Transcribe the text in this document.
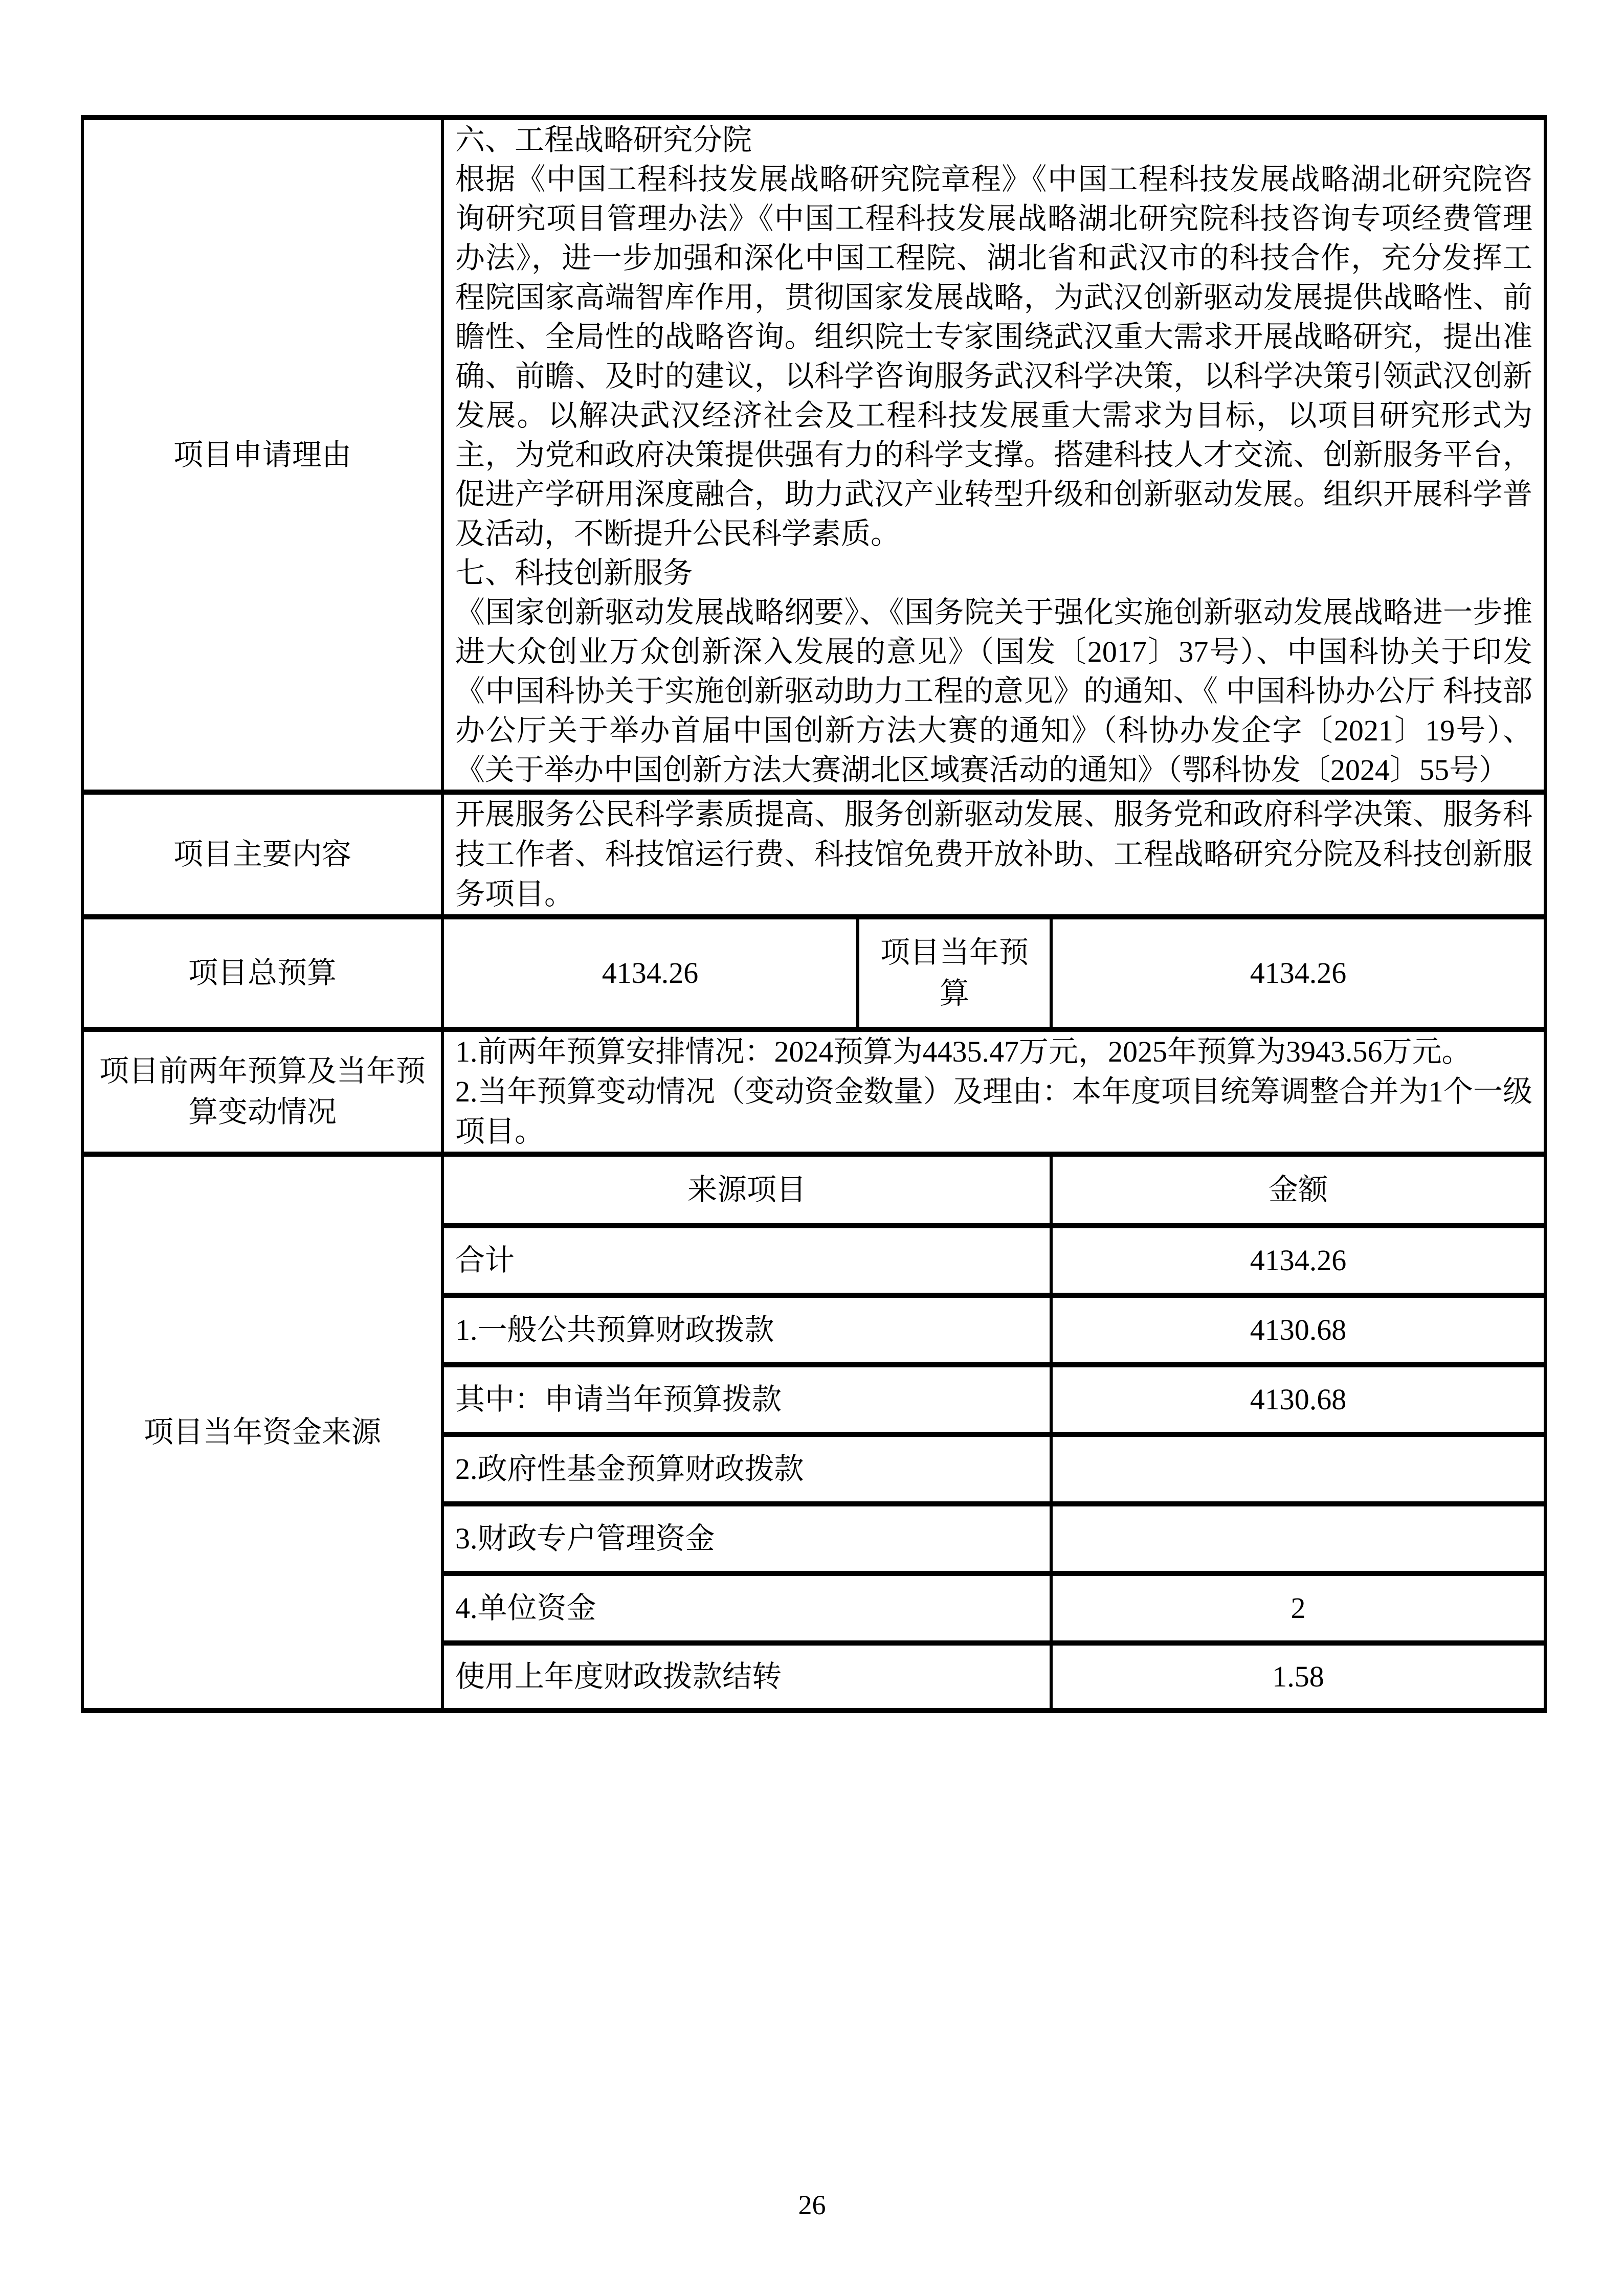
项目申请理由	六、工程战略研究分院

根据《中国工程科技发展战略研究院章程》《中国工程科技发展战略湖北研究院咨询研究项目管理办法》《中国工程科技发展战略湖北研究院科技咨询专项经费管理办法》，进一步加强和深化中国工程院、湖北省和武汉市的科技合作，充分发挥工程院国家高端智库作用，贯彻国家发展战略，为武汉创新驱动发展提供战略性、前瞻性、全局性的战略咨询。组织院士专家围绕武汉重大需求开展战略研究，提出准确、前瞻、及时的建议，以科学咨询服务武汉科学决策，以科学决策引领武汉创新发展。以解决武汉经济社会及工程科技发展重大需求为目标，以项目研究形式为主，为党和政府决策提供强有力的科学支撑。搭建科技人才交流、创新服务平台，促进产学研用深度融合，助力武汉产业转型升级和创新驱动发展。组织开展科学普及活动，不断提升公民科学素质。

七、科技创新服务

《国家创新驱动发展战略纲要》、《国务院关于强化实施创新驱动发展战略进一步推进大众创业万众创新深入发展的意见》（国发〔2017〕37号）、中国科协关于印发《中国科协关于实施创新驱动助力工程的意见》的通知、《 中国科协办公厅 科技部办公厅关于举办首届中国创新方法大赛的通知》（科协办发企字〔2021〕19号）、《关于举办中国创新方法大赛湖北区域赛活动的通知》（鄂科协发〔2024〕55号）		

项目主要内容	开展服务公民科学素质提高、服务创新驱动发展、服务党和政府科学决策、服务科技工作者、科技馆运行费、科技馆免费开放补助、工程战略研究分院及科技创新服务项目。		
项目总预算	4134.26	项目当年预算	4134.26
项目前两年预算及当年预算变动情况	1.前两年预算安排情况：2024预算为4435.47万元，2025年预算为3943.56万元。

2.当年预算变动情况（变动资金数量）及理由：本年度项目统筹调整合并为1个一级项目。		

项目当年资金来源	来源项目		金额
	合计		4134.26
	1.一般公共预算财政拨款		4130.68
	其中：申请当年预算拨款		4130.68
	2.政府性基金预算财政拨款		
	3.财政专户管理资金		
	4.单位资金		2
	使用上年度财政拨款结转		1.58
26
